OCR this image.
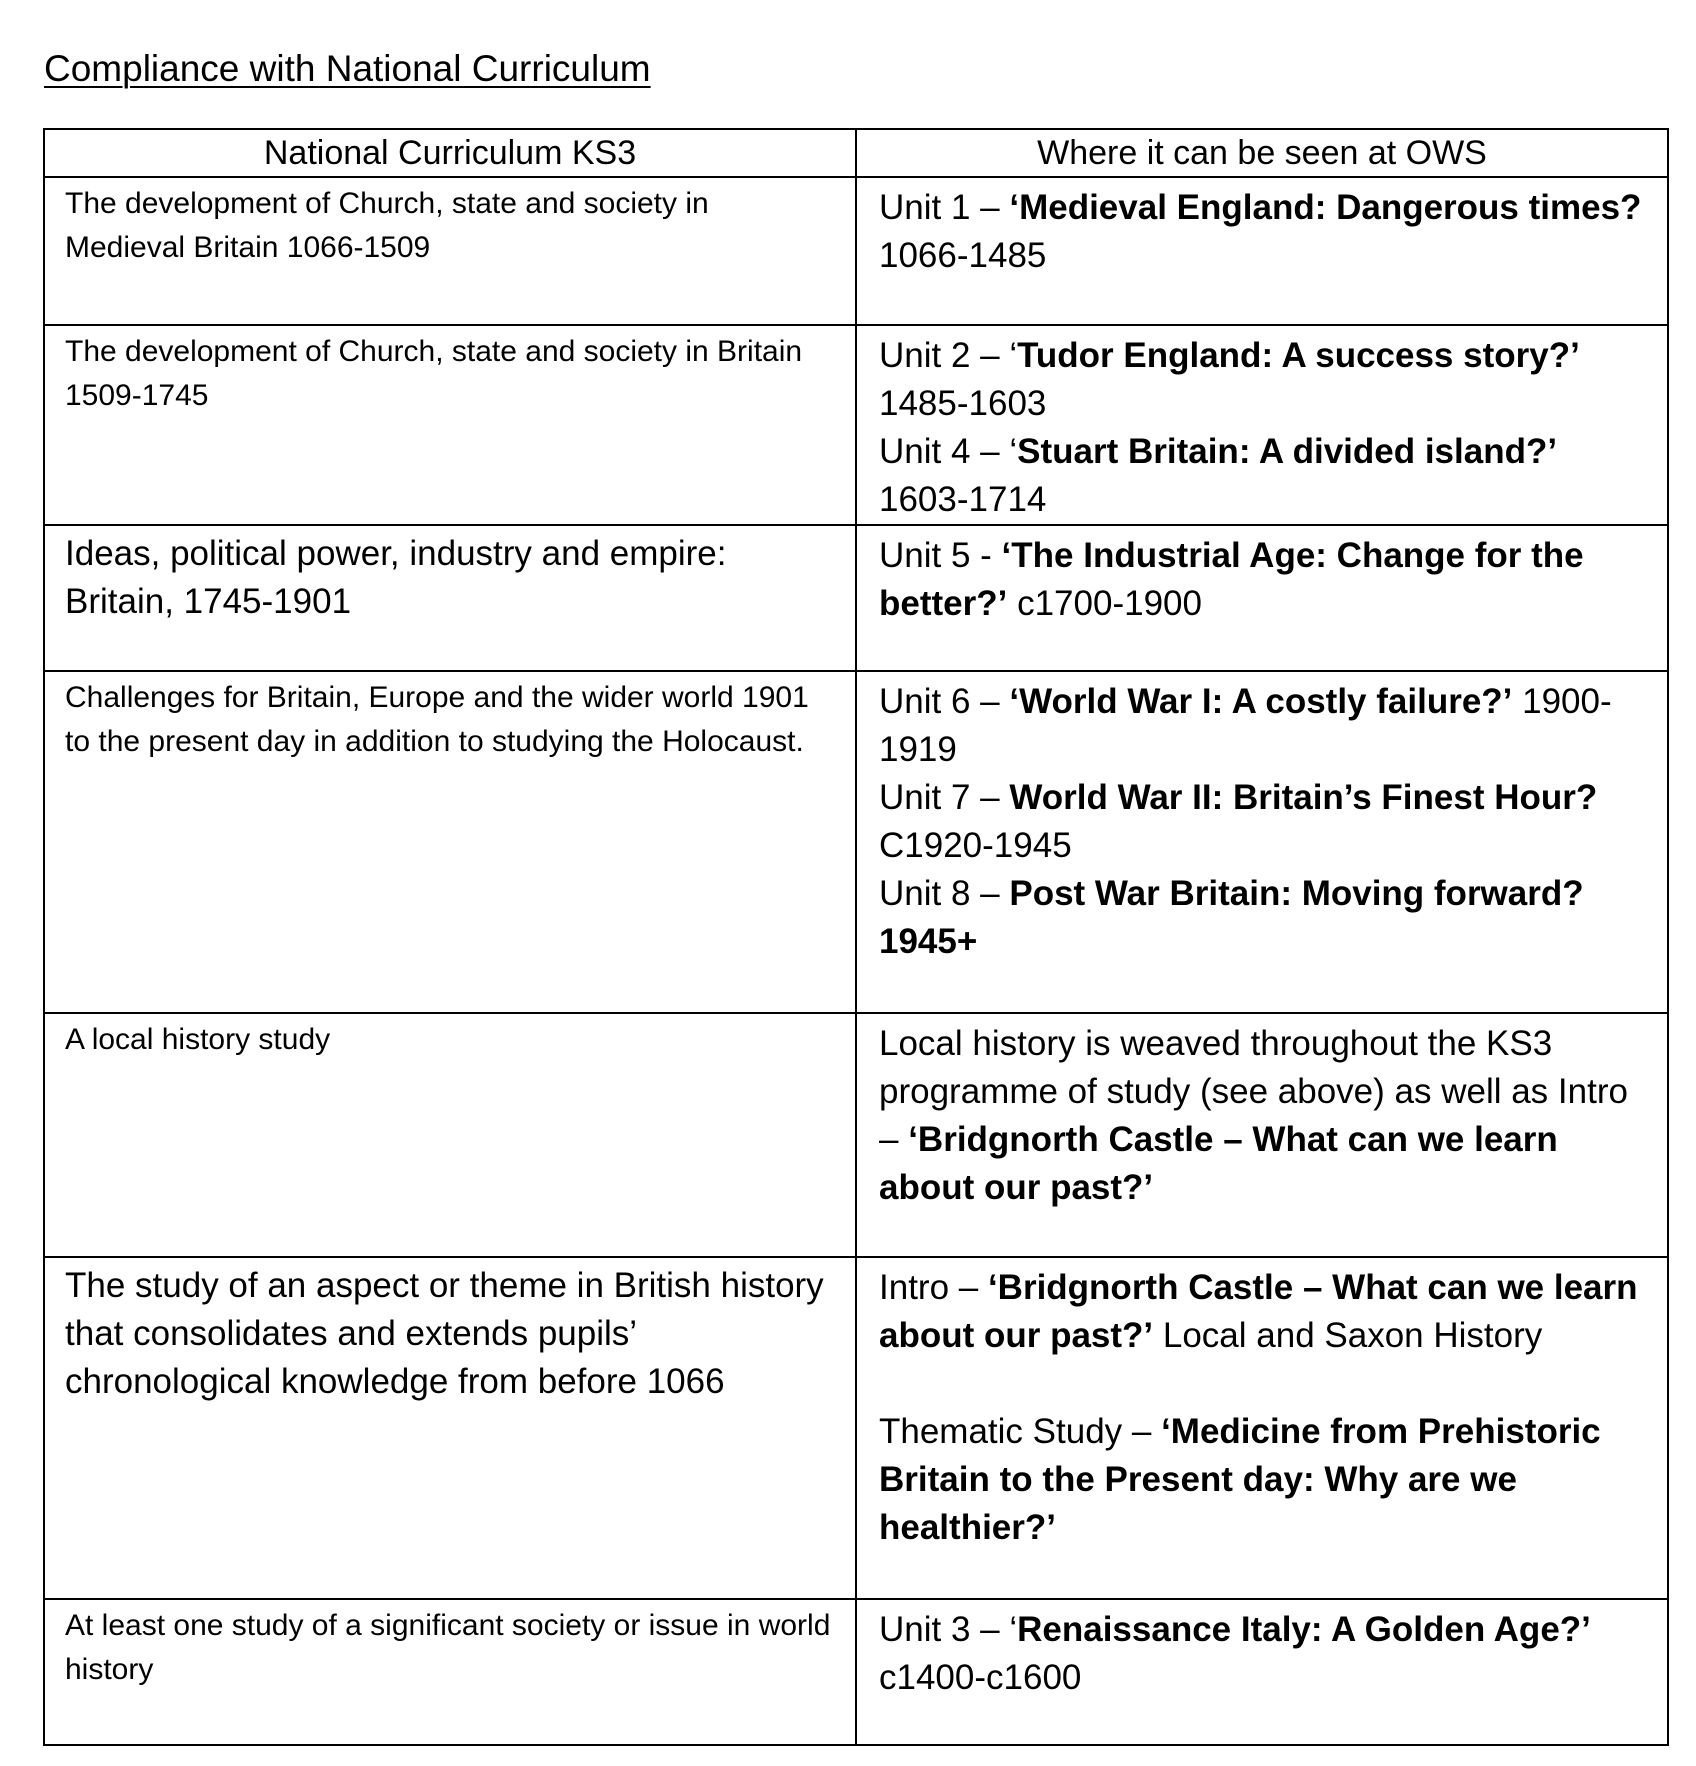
Compliance with National Curriculum
National Curriculum KS3	Where it can be seen at OWS

The development of Church, state and society in Medieval Britain 1066-1509	Unit 1 – ‘Medieval England: Dangerous times? 1066-1485

The development of Church, state and society in Britain 1509-1745	Unit 2 – ‘Tudor England: A success story?’ 1485-1603
Unit 4 – ‘Stuart Britain: A divided island?’ 1603-1714

Ideas, political power, industry and empire: Britain, 1745-1901	Unit 5 - ‘The Industrial Age: Change for the better?’ c1700-1900

Challenges for Britain, Europe and the wider world 1901 to the present day in addition to studying the Holocaust.	Unit 6 – ‘World War I: A costly failure?’ 1900-1919
Unit 7 – World War II: Britain’s Finest Hour? C1920-1945
Unit 8 – Post War Britain: Moving forward? 1945+

A local history study	Local history is weaved throughout the KS3 programme of study (see above) as well as Intro – ‘Bridgnorth Castle – What can we learn about our past?’

The study of an aspect or theme in British history that consolidates and extends pupils’ chronological knowledge from before 1066	Intro – ‘Bridgnorth Castle – What can we learn about our past?’ Local and Saxon History
Thematic Study – ‘Medicine from Prehistoric Britain to the Present day: Why are we healthier?’

At least one study of a significant society or issue in world history	Unit 3 – ‘Renaissance Italy: A Golden Age?’ c1400-c1600
